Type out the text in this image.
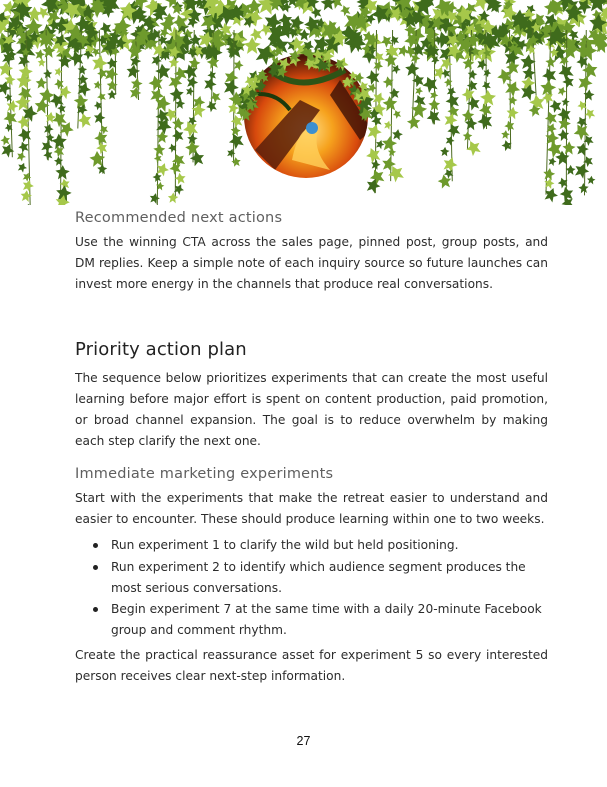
Recommended next actions

Use the winning CTA across the sales page, pinned post, group posts, and DM replies. Keep a simple note of each inquiry source so future launches can invest more energy in the channels that produce real conversations.

Priority action plan

The sequence below prioritizes experiments that can create the most useful learning before major effort is spent on content production, paid promotion, or broad channel expansion. The goal is to reduce overwhelm by making each step clarify the next one.

Immediate marketing experiments

Start with the experiments that make the retreat easier to understand and easier to encounter. These should produce learning within one to two weeks.

Run experiment 1 to clarify the wild but held positioning.
Run experiment 2 to identify which audience segment produces the most serious conversations.
Begin experiment 7 at the same time with a daily 20-minute Facebook group and comment rhythm.

Create the practical reassurance asset for experiment 5 so every interested person receives clear next-step information.

27
